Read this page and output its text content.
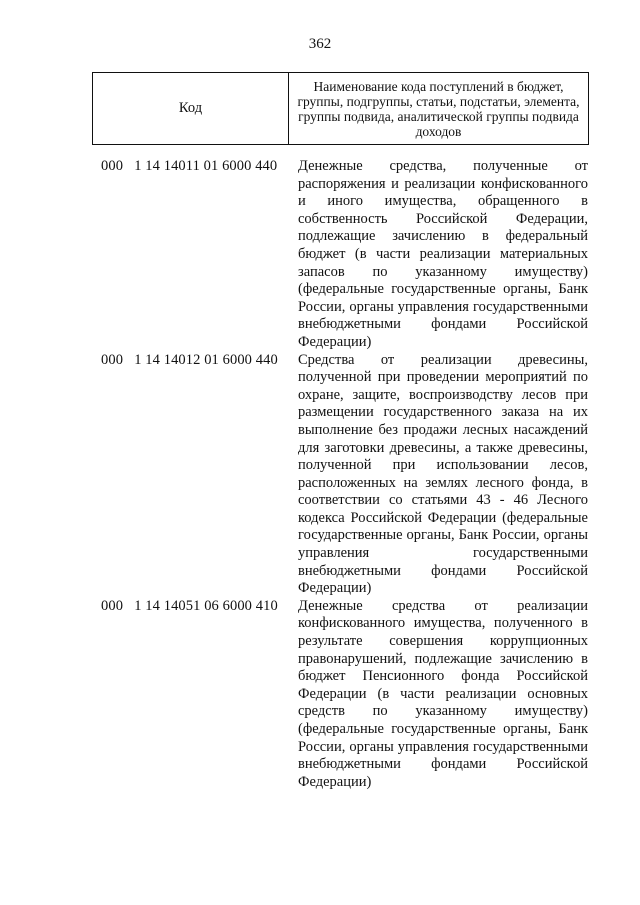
362
Код
Наименование кода поступлений в бюджет, группы, подгруппы, статьи, подстатьи, элемента, группы подвида, аналитической группы подвида доходов
000   1 14 14011 01 6000 440 Денежные средства, полученные от распоряжения и реализации конфискованного и иного имущества, обращенного в собственность Российской Федерации, подлежащие зачислению в федеральный бюджет (в части реализации материальных запасов по указанному имуществу) (федеральные государственные органы, Банк России, органы управления государственными внебюджетными фондами Российской Федерации)
000   1 14 14012 01 6000 440 Средства от реализации древесины, полученной при проведении мероприятий по охране, защите, воспроизводству лесов при размещении государственного заказа на их выполнение без продажи лесных насаждений для заготовки древесины, а также древесины, полученной при использовании лесов, расположенных на землях лесного фонда, в соответствии со статьями 43 - 46 Лесного кодекса Российской Федерации (федеральные государственные органы, Банк России, органы управления государственными внебюджетными фондами Российской Федерации)
000   1 14 14051 06 6000 410 Денежные средства от реализации конфискованного имущества, полученного в результате совершения коррупционных правонарушений, подлежащие зачислению в бюджет Пенсионного фонда Российской Федерации (в части реализации основных средств по указанному имуществу) (федеральные государственные органы, Банк России, органы управления государственными внебюджетными фондами Российской Федерации)
